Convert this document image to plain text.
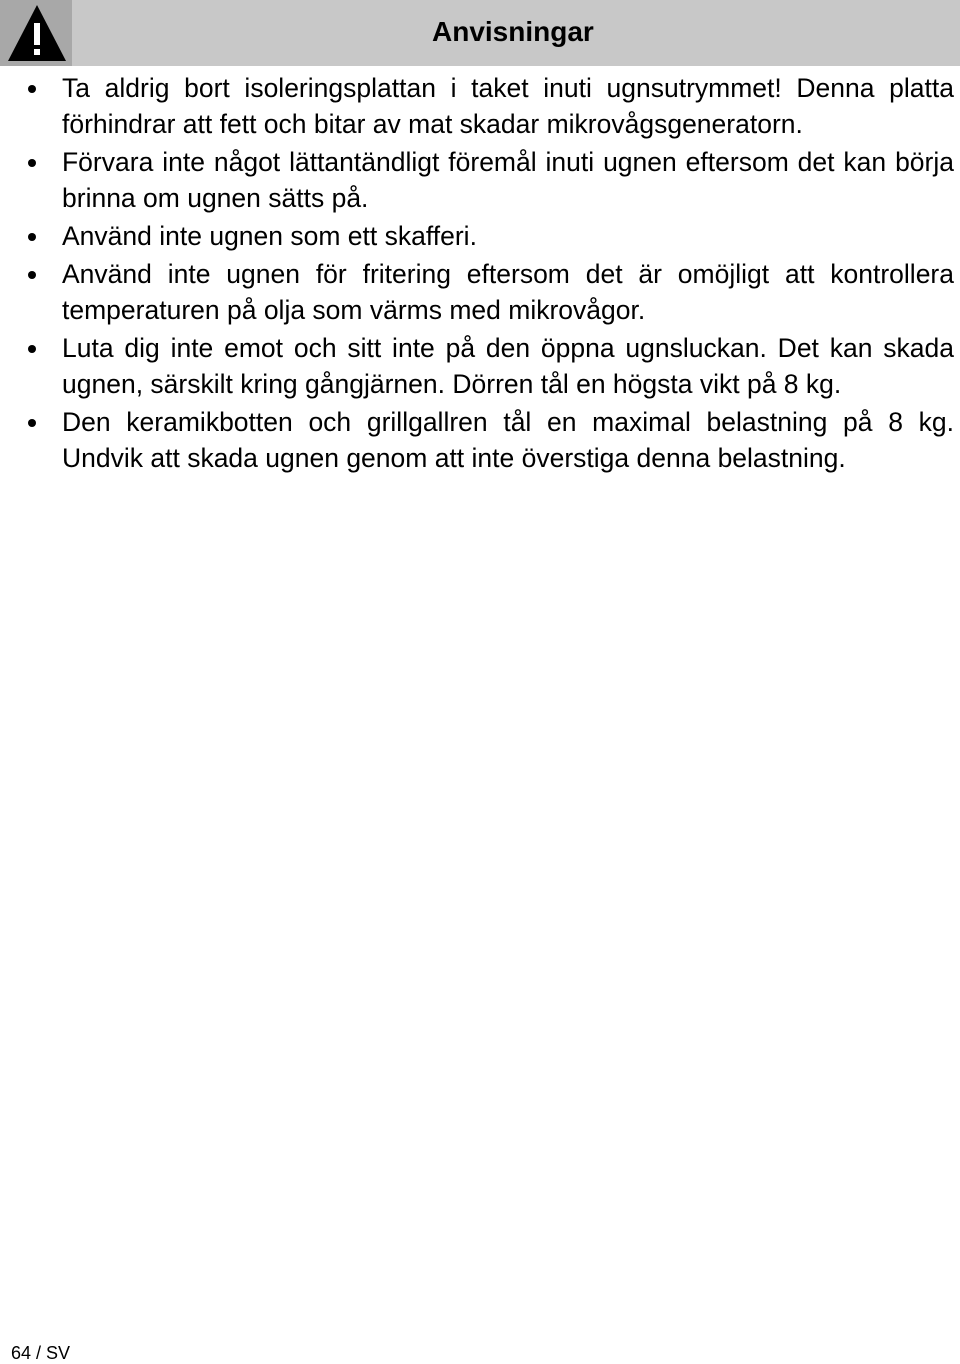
Anvisningar
Ta aldrig bort isoleringsplattan i taket inuti ugnsutrymmet! Denna platta förhindrar att fett och bitar av mat skadar mikrovågsgeneratorn.
Förvara inte något lättantändligt föremål inuti ugnen eftersom det kan börja brinna om ugnen sätts på.
Använd inte ugnen som ett skafferi.
Använd inte ugnen för fritering eftersom det är omöjligt att kontrollera temperaturen på olja som värms med mikrovågor.
Luta dig inte emot och sitt inte på den öppna ugnsluckan. Det kan skada ugnen, särskilt kring gångjärnen. Dörren tål en högsta vikt på 8 kg.
Den keramikbotten och grillgallren tål en maximal belastning på 8 kg. Undvik att skada ugnen genom att inte överstiga denna belastning.
64 / SV
